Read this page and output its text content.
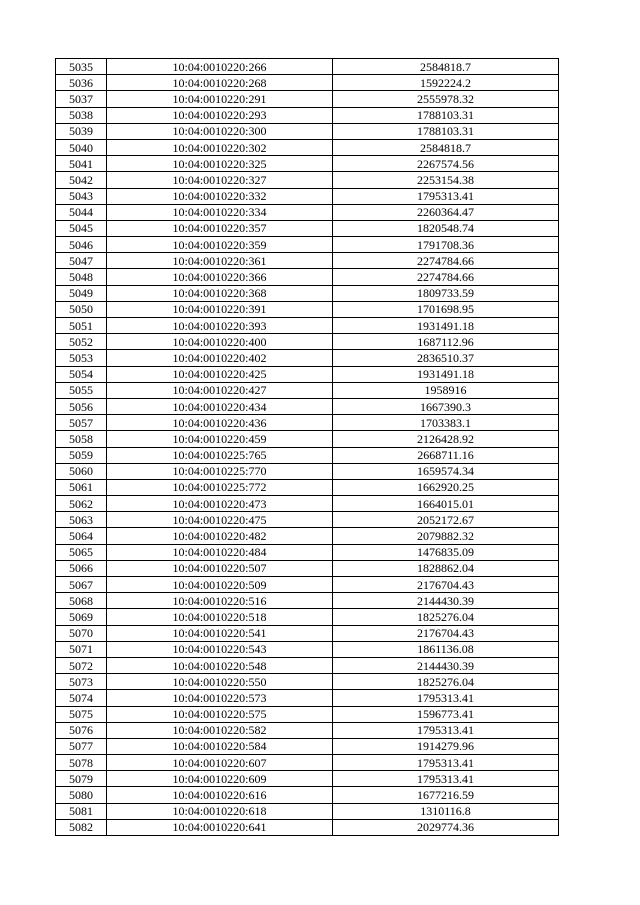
5035	10:04:0010220:266	2584818.7
5036	10:04:0010220:268	1592224.2
5037	10:04:0010220:291	2555978.32
5038	10:04:0010220:293	1788103.31
5039	10:04:0010220:300	1788103.31
5040	10:04:0010220:302	2584818.7
5041	10:04:0010220:325	2267574.56
5042	10:04:0010220:327	2253154.38
5043	10:04:0010220:332	1795313.41
5044	10:04:0010220:334	2260364.47
5045	10:04:0010220:357	1820548.74
5046	10:04:0010220:359	1791708.36
5047	10:04:0010220:361	2274784.66
5048	10:04:0010220:366	2274784.66
5049	10:04:0010220:368	1809733.59
5050	10:04:0010220:391	1701698.95
5051	10:04:0010220:393	1931491.18
5052	10:04:0010220:400	1687112.96
5053	10:04:0010220:402	2836510.37
5054	10:04:0010220:425	1931491.18
5055	10:04:0010220:427	1958916
5056	10:04:0010220:434	1667390.3
5057	10:04:0010220:436	1703383.1
5058	10:04:0010220:459	2126428.92
5059	10:04:0010225:765	2668711.16
5060	10:04:0010225:770	1659574.34
5061	10:04:0010225:772	1662920.25
5062	10:04:0010220:473	1664015.01
5063	10:04:0010220:475	2052172.67
5064	10:04:0010220:482	2079882.32
5065	10:04:0010220:484	1476835.09
5066	10:04:0010220:507	1828862.04
5067	10:04:0010220:509	2176704.43
5068	10:04:0010220:516	2144430.39
5069	10:04:0010220:518	1825276.04
5070	10:04:0010220:541	2176704.43
5071	10:04:0010220:543	1861136.08
5072	10:04:0010220:548	2144430.39
5073	10:04:0010220:550	1825276.04
5074	10:04:0010220:573	1795313.41
5075	10:04:0010220:575	1596773.41
5076	10:04:0010220:582	1795313.41
5077	10:04:0010220:584	1914279.96
5078	10:04:0010220:607	1795313.41
5079	10:04:0010220:609	1795313.41
5080	10:04:0010220:616	1677216.59
5081	10:04:0010220:618	1310116.8
5082	10:04:0010220:641	2029774.36
